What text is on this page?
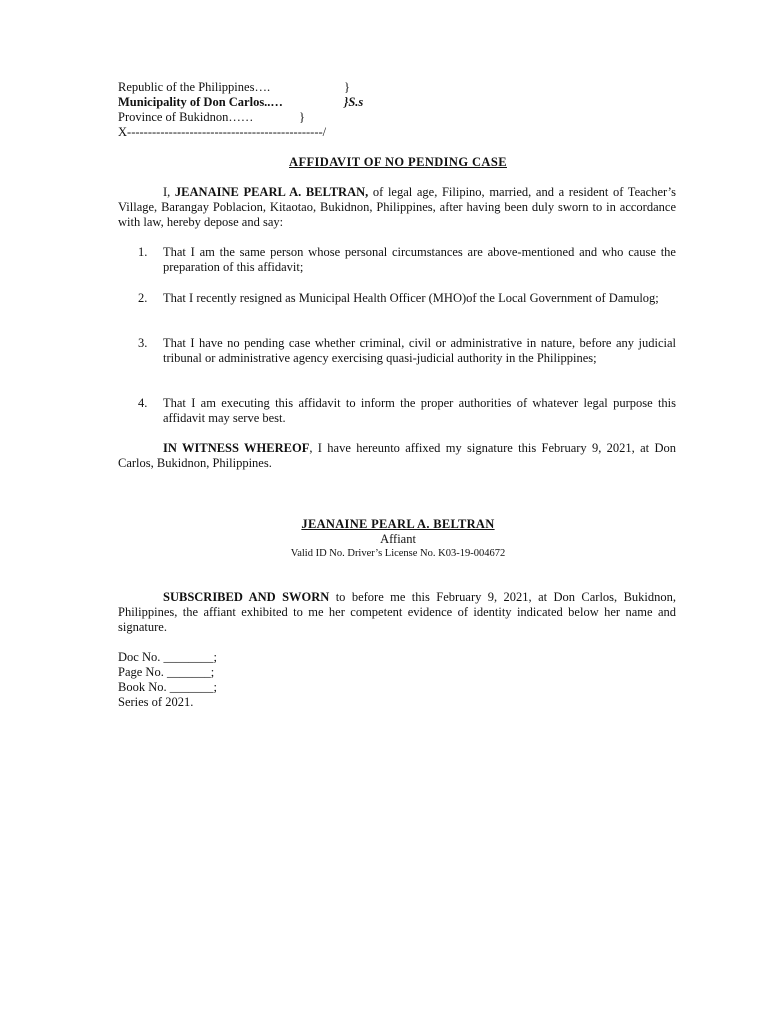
Republic of the Philippines….	}
Municipality of Don Carlos..…	}S.s
Province of Bukidnon……	}
X-----------------------------------------------/
AFFIDAVIT OF NO PENDING CASE
I, JEANAINE PEARL A. BELTRAN, of legal age, Filipino, married, and a resident of Teacher’s Village, Barangay Poblacion, Kitaotao, Bukidnon, Philippines, after having been duly sworn to in accordance with law, hereby depose and say:
1. That I am the same person whose personal circumstances are above-mentioned and who cause the preparation of this affidavit;
2. That I recently resigned as Municipal Health Officer (MHO)of the Local Government of Damulog;
3. That I have no pending case whether criminal, civil or administrative in nature, before any judicial tribunal or administrative agency exercising quasi-judicial authority in the Philippines;
4. That I am executing this affidavit to inform the proper authorities of whatever legal purpose this affidavit may serve best.
IN WITNESS WHEREOF, I have hereunto affixed my signature this February 9, 2021, at Don Carlos, Bukidnon, Philippines.
JEANAINE PEARL A. BELTRAN
Affiant
Valid ID No. Driver’s License No. K03-19-004672
SUBSCRIBED AND SWORN to before me this February 9, 2021, at Don Carlos, Bukidnon, Philippines, the affiant exhibited to me her competent evidence of identity indicated below her name and signature.
Doc No. ________;
Page No. _______;
Book No. _______;
Series of 2021.
